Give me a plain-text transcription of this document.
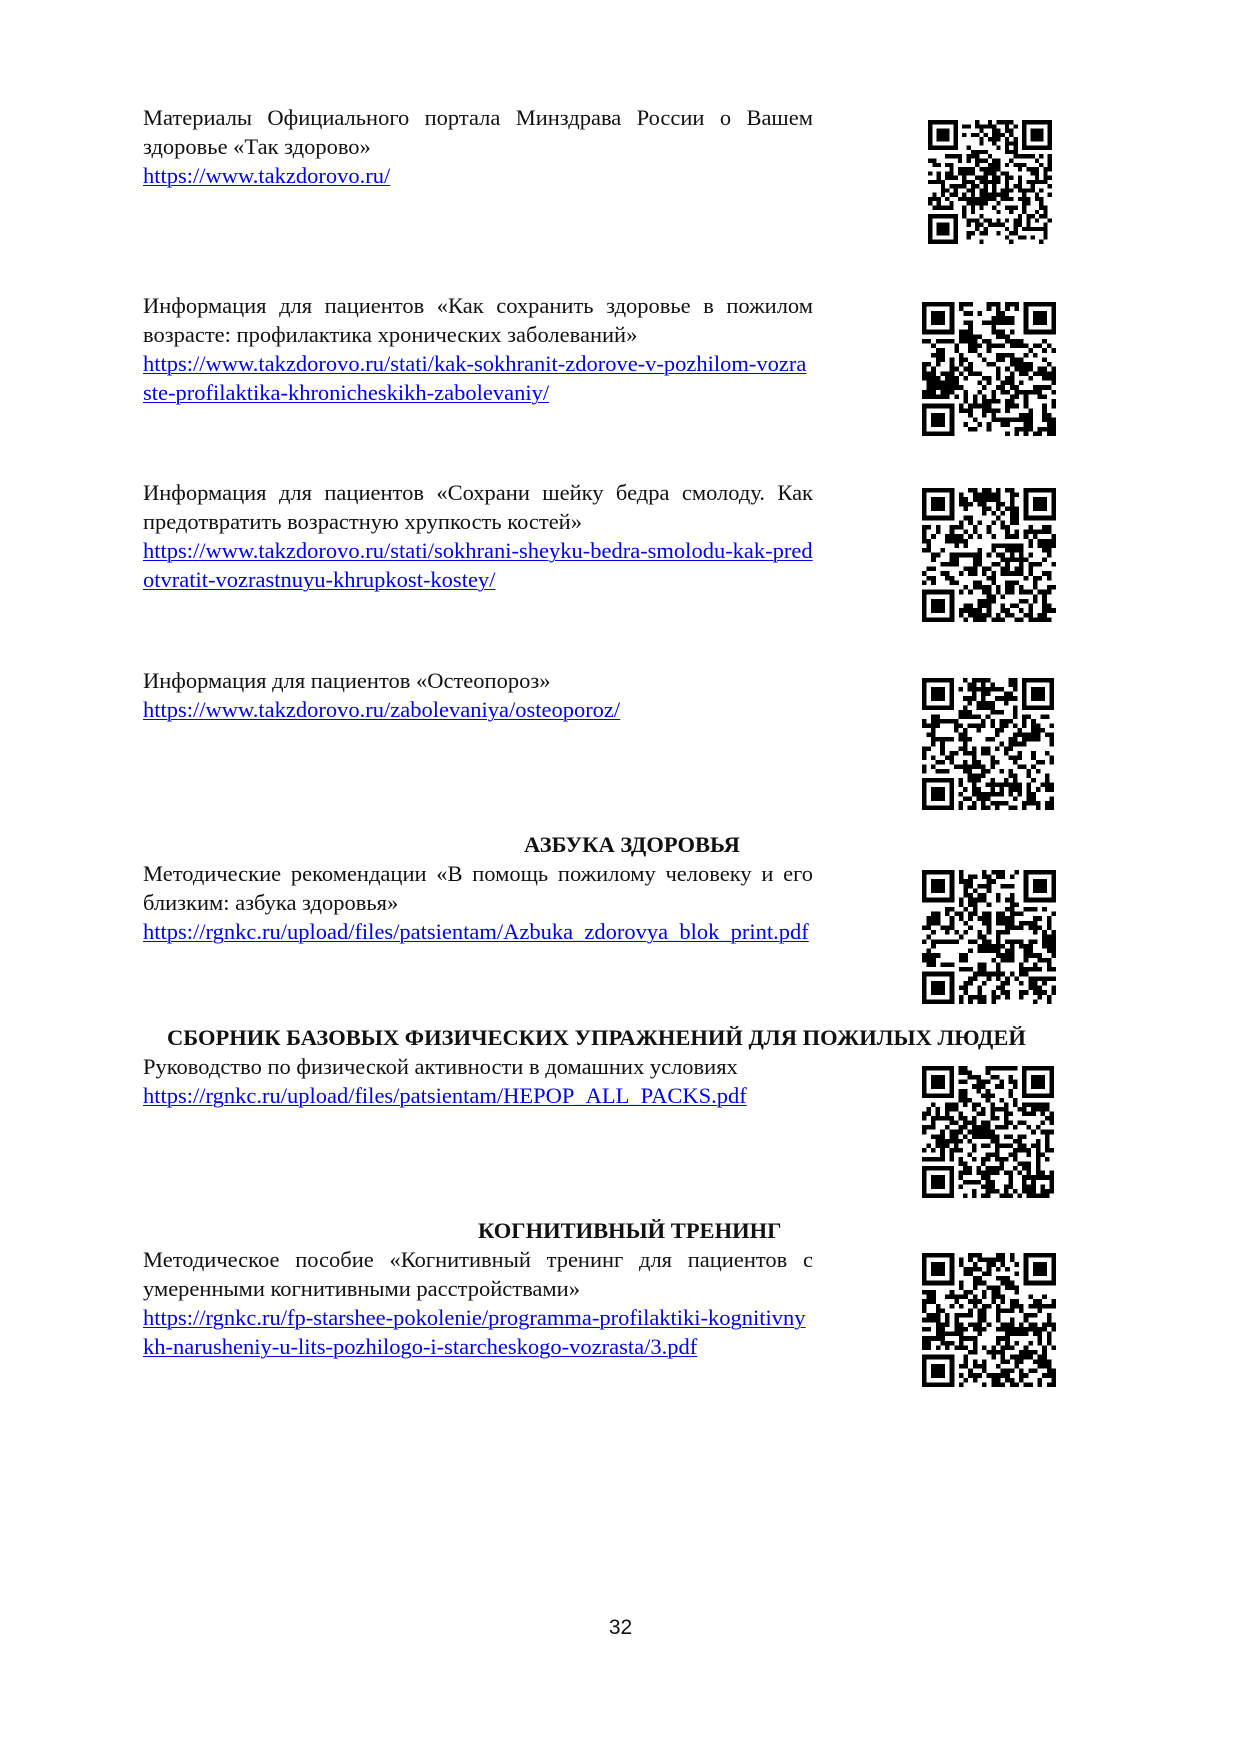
Материалы Официального портала Минздрава России о Вашем здоровье «Так здорово»
https://www.takzdorovo.ru/
Информация для пациентов «Как сохранить здоровье в пожилом возрасте: профилактика хронических заболеваний»
https://www.takzdorovo.ru/stati/kak-sokhranit-zdorove-v-pozhilom-vozraste-profilaktika-khronicheskikh-zabolevaniy/
Информация для пациентов «Сохрани шейку бедра смолоду. Как предотвратить возрастную хрупкость костей»
https://www.takzdorovo.ru/stati/sokhrani-sheyku-bedra-smolodu-kak-predotvratit-vozrastnuyu-khrupkost-kostey/
Информация для пациентов «Остеопороз»
https://www.takzdorovo.ru/zabolevaniya/osteoporoz/
АЗБУКА ЗДОРОВЬЯ
Методические рекомендации «В помощь пожилому человеку и его близким: азбука здоровья»
https://rgnkc.ru/upload/files/patsientam/Azbuka_zdorovya_blok_print.pdf
СБОРНИК БАЗОВЫХ ФИЗИЧЕСКИХ УПРАЖНЕНИЙ ДЛЯ ПОЖИЛЫХ ЛЮДЕЙ
Руководство по физической активности в домашних условиях
https://rgnkc.ru/upload/files/patsientam/HEPOP_ALL_PACKS.pdf
КОГНИТИВНЫЙ ТРЕНИНГ
Методическое пособие «Когнитивный тренинг для пациентов с умеренными когнитивными расстройствами»
https://rgnkc.ru/fp-starshee-pokolenie/programma-profilaktiki-kognitivnykh-narusheniy-u-lits-pozhilogo-i-starcheskogo-vozrasta/3.pdf
32
